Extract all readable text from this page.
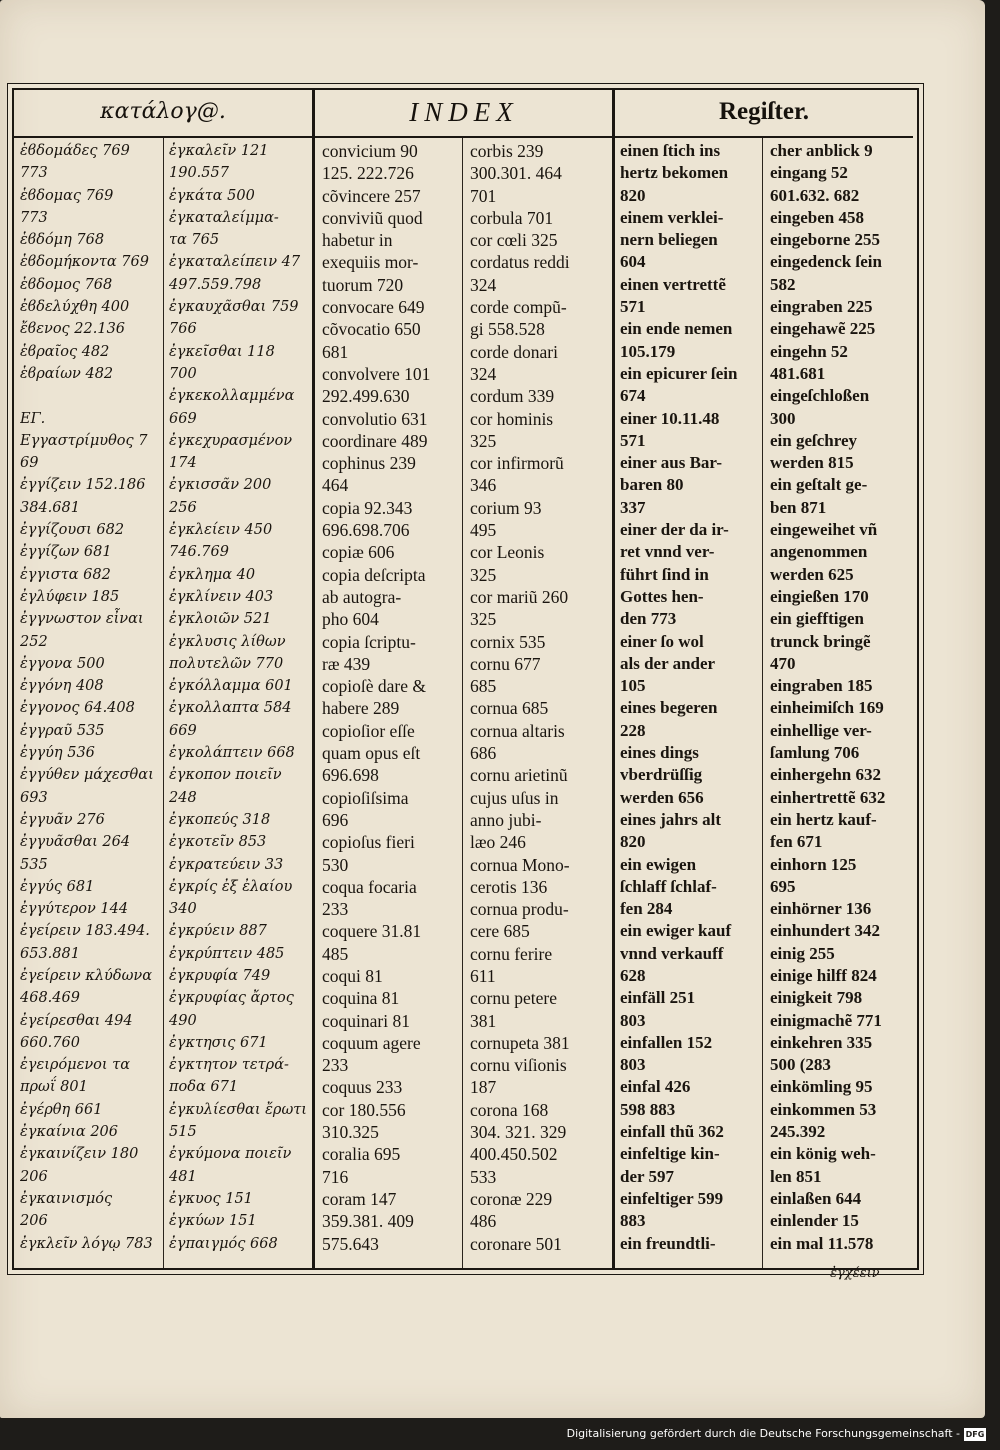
κατάλογ@.	INDEX	Regiſter.
ἑϐδομάδες 769
773
ἑϐδομας 769
773
ἑϐδόμη 768
ἑϐδομήκοντα 769
ἑϐδομος 768
ἐϐδελύχθη 400
ἔϐενος 22.136
ἑϐραῖος 482
ἑϐραίων 482
ΕΓ.
Εγγαστρίμυθος 7
69
ἐγγίζειν 152.186
384.681
ἐγγίζουσι 682
ἐγγίζων 681
ἐγγιστα 682
ἐγλύφειν 185
ἐγγνωστον εἶναι
252
ἐγγονα 500
ἐγγόνη 408
ἐγγονος 64.408
ἐγγραῦ 535
ἐγγύη 536
ἐγγύθεν μάχεσθαι
693
ἐγγυᾶν 276
ἐγγυᾶσθαι 264
535
ἐγγύς 681
ἐγγύτερον 144
ἐγείρειν 183.494.
653.881
ἐγείρειν κλύδωνα
468.469
ἐγείρεσθαι 494
660.760
ἐγειρόμενοι τα
πρωΐ 801
ἐγέρθη 661
ἐγκαίνια 206
ἐγκαινίζειν 180
206
ἐγκαινισμός
206
ἐγκλεῖν λόγῳ 783
ἐγκαλεῖν 121
190.557
ἐγκάτα 500
ἐγκαταλείμμα-
τα 765
ἐγκαταλείπειν 47
497.559.798
ἐγκαυχᾶσθαι 759
766
ἐγκεῖσθαι 118
700
ἐγκεκολλαμμένα
669
ἐγκεχυρασμένον
174
ἐγκισσᾶν 200
256
ἐγκλείειν 450
746.769
ἐγκλημα 40
ἐγκλίνειν 403
ἐγκλοιῶν 521
ἐγκλυσις λίθων
πολυτελῶν 770
ἐγκόλλαμμα 601
ἐγκολλαπτα 584
669
ἐγκολάπτειν 668
ἐγκοπον ποιεῖν
248
ἐγκοπεύς 318
ἐγκοτεῖν 853
ἐγκρατεύειν 33
ἐγκρίς ἐξ ἐλαίου
340
ἐγκρύειν 887
ἐγκρύπτειν 485
ἐγκρυφία 749
ἐγκρυφίας ἄρτος
490
ἐγκτησις 671
ἐγκτητον τετρά-
ποδα 671
ἐγκυλίεσθαι ἔρωτι
515
ἐγκύμονα ποιεῖν
481
ἐγκυος 151
ἐγκύων 151
ἐγπαιγμός 668
convicium 90
125. 222.726
cõvincere 257
conviviũ quod
habetur in
exequiis mor-
tuorum 720
convocare 649
cõvocatio 650
681
convolvere 101
292.499.630
convolutio 631
coordinare 489
cophinus 239
464
copia 92.343
696.698.706
copiæ 606
copia deſcripta
ab autogra-
pho 604
copia ſcriptu-
ræ 439
copioſè dare &
habere 289
copioſior eſſe
quam opus eſt
696.698
copioſiſsima
696
copioſus fieri
530
coqua focaria
233
coquere 31.81
485
coqui 81
coquina 81
coquinari 81
coquum agere
233
coquus 233
cor 180.556
310.325
coralia 695
716
coram 147
359.381. 409
575.643
corbis 239
300.301. 464
701
corbula 701
cor cœli 325
cordatus reddi
324
corde compũ-
gi 558.528
corde donari
324
cordum 339
cor hominis
325
cor infirmorũ
346
corium 93
495
cor Leonis
325
cor mariũ 260
325
cornix 535
cornu 677
685
cornua 685
cornua altaris
686
cornu arietinũ
cujus uſus in
anno jubi-
læo 246
cornua Mono-
cerotis 136
cornua produ-
cere 685
cornu ferire
611
cornu petere
381
cornupeta 381
cornu viſionis
187
corona 168
304. 321. 329
400.450.502
533
coronæ 229
486
coronare 501
einen ſtich ins
hertz bekomen
820
einem verklei-
nern beliegen
604
einen vertrettẽ
571
ein ende nemen
105.179
ein epicurer ſein
674
einer 10.11.48
571
einer aus Bar-
baren 80
337
einer der da ir-
ret vnnd ver-
führt ſind in
Gottes hen-
den 773
einer ſo wol
als der ander
105
eines begeren
228
eines dings
vberdrüſſig
werden 656
eines jahrs alt
820
ein ewigen
ſchlaff ſchlaf-
fen 284
ein ewiger kauf
vnnd verkauff
628
einfäll 251
803
einfallen 152
803
einfal 426
598 883
einfall thũ 362
einfeltige kin-
der 597
einfeltiger 599
883
ein freundtli-
cher anblick 9
eingang 52
601.632. 682
eingeben 458
eingeborne 255
eingedenck ſein
582
eingraben 225
eingehawẽ 225
eingehn 52
481.681
eingeſchloßen
300
ein geſchrey
werden 815
ein geſtalt ge-
ben 871
eingeweihet vñ
angenommen
werden 625
eingießen 170
ein giefftigen
trunck bringẽ
470
eingraben 185
einheimiſch 169
einhellige ver-
ſamlung 706
einhergehn 632
einhertrettẽ 632
ein hertz kauf-
fen 671
einhorn 125
695
einhörner 136
einhundert 342
einig 255
einige hilff 824
einigkeit 798
einigmachẽ 771
einkehren 335
500 (283
einkömling 95
einkommen 53
245.392
ein könig weh-
len 851
einlaßen 644
einlender 15
ein mal 11.578
ἐγχέειν
Digitalisierung gefördert durch die Deutsche Forschungsgemeinschaft - DFG
